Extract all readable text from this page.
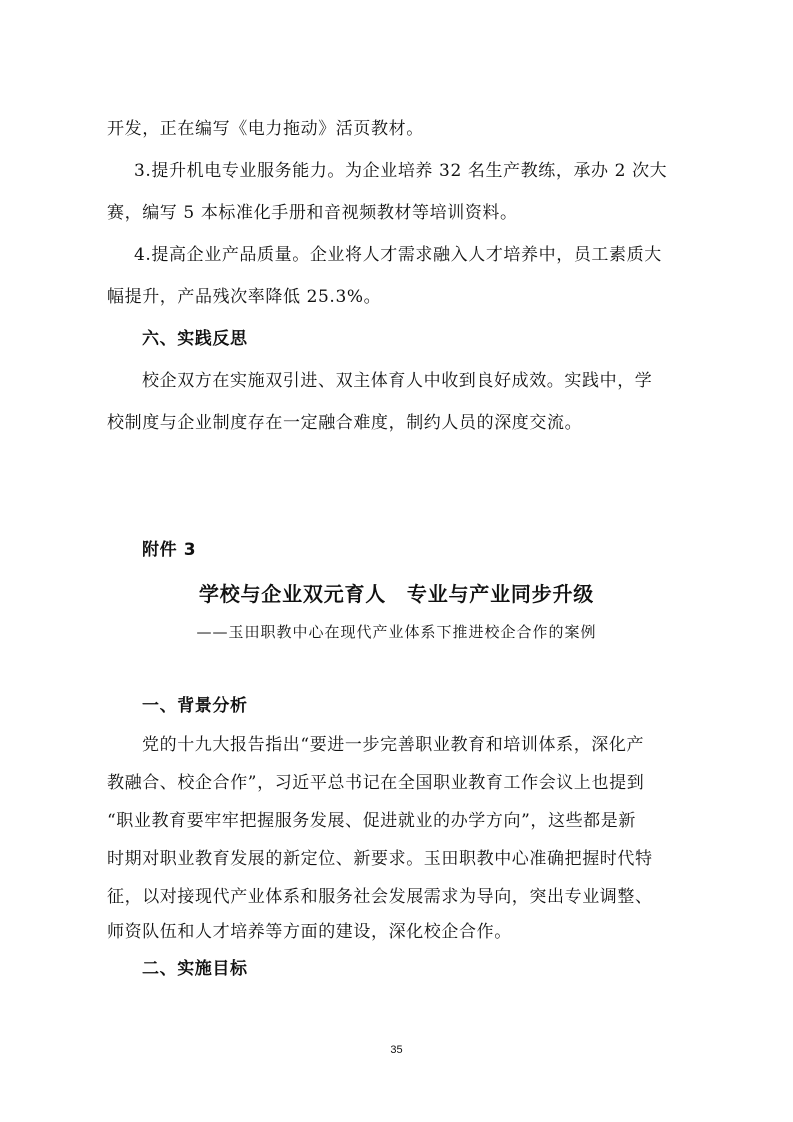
开发，正在编写《电力拖动》活页教材。
3.提升机电专业服务能力。为企业培养 32 名生产教练，承办 2 次大
赛，编写 5 本标准化手册和音视频教材等培训资料。
4.提高企业产品质量。企业将人才需求融入人才培养中，员工素质大
幅提升，产品残次率降低 25.3%。
六、实践反思
校企双方在实施双引进、双主体育人中收到良好成效。实践中，学
校制度与企业制度存在一定融合难度，制约人员的深度交流。
附件 3
学校与企业双元育人　专业与产业同步升级
——玉田职教中心在现代产业体系下推进校企合作的案例
一、背景分析
党的十九大报告指出“要进一步完善职业教育和培训体系，深化产
教融合、校企合作”，习近平总书记在全国职业教育工作会议上也提到
“职业教育要牢牢把握服务发展、促进就业的办学方向”，这些都是新
时期对职业教育发展的新定位、新要求。玉田职教中心准确把握时代特
征，以对接现代产业体系和服务社会发展需求为导向，突出专业调整、
师资队伍和人才培养等方面的建设，深化校企合作。
二、实施目标
35
